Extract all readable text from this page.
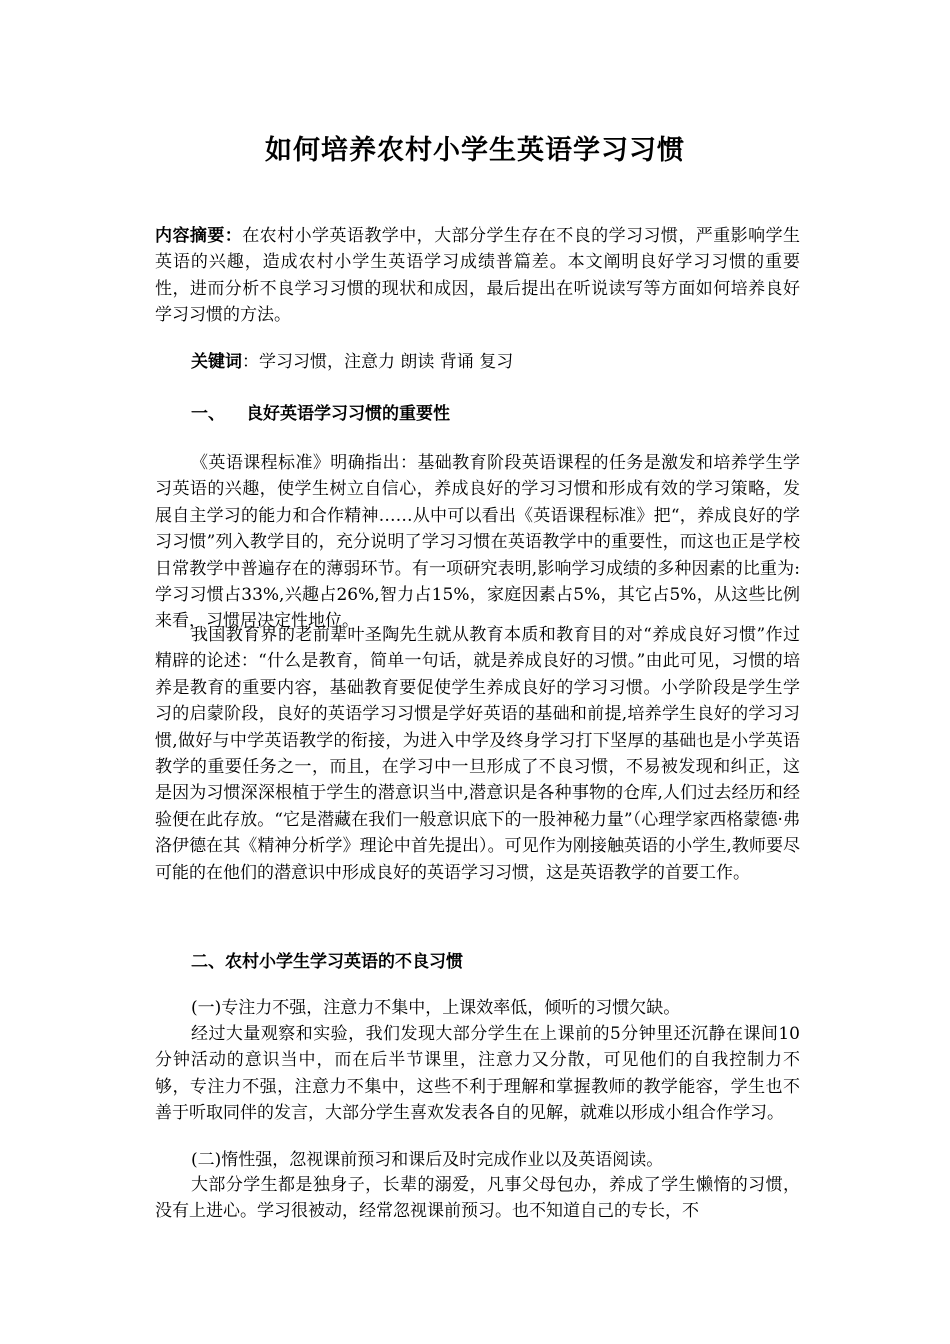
如何培养农村小学生英语学习习惯
内容摘要：在农村小学英语教学中，大部分学生存在不良的学习习惯，严重影响学生英语的兴趣，造成农村小学生英语学习成绩普篇差。本文阐明良好学习习惯的重要性，进而分析不良学习习惯的现状和成因，最后提出在听说读写等方面如何培养良好学习习惯的方法。
关键词：学习习惯，注意力 朗读 背诵 复习
一、 良好英语学习习惯的重要性
《英语课程标准》明确指出：基础教育阶段英语课程的任务是激发和培养学生学习英语的兴趣，使学生树立自信心，养成良好的学习习惯和形成有效的学习策略，发展自主学习的能力和合作精神……从中可以看出《英语课程标准》把“，养成良好的学习习惯”列入教学目的，充分说明了学习习惯在英语教学中的重要性，而这也正是学校日常教学中普遍存在的薄弱环节。有一项研究表明,影响学习成绩的多种因素的比重为:学习习惯占33%,兴趣占26%,智力占15%，家庭因素占5%，其它占5%，从这些比例来看，习惯居决定性地位。
我国教育界的老前辈叶圣陶先生就从教育本质和教育目的对“养成良好习惯”作过精辟的论述：“什么是教育，简单一句话，就是养成良好的习惯。”由此可见，习惯的培养是教育的重要内容，基础教育要促使学生养成良好的学习习惯。小学阶段是学生学习的启蒙阶段，良好的英语学习习惯是学好英语的基础和前提,培养学生良好的学习习惯,做好与中学英语教学的衔接，为进入中学及终身学习打下坚厚的基础也是小学英语教学的重要任务之一，而且，在学习中一旦形成了不良习惯，不易被发现和纠正，这是因为习惯深深根植于学生的潜意识当中,潜意识是各种事物的仓库,人们过去经历和经验便在此存放。“它是潜藏在我们一般意识底下的一股神秘力量”（心理学家西格蒙德·弗洛伊德在其《精神分析学》理论中首先提出）。可见作为刚接触英语的小学生,教师要尽可能的在他们的潜意识中形成良好的英语学习习惯，这是英语教学的首要工作。
二、农村小学生学习英语的不良习惯
(一)专注力不强，注意力不集中，上课效率低，倾听的习惯欠缺。
经过大量观察和实验，我们发现大部分学生在上课前的5分钟里还沉静在课间10分钟活动的意识当中，而在后半节课里，注意力又分散，可见他们的自我控制力不够，专注力不强，注意力不集中，这些不利于理解和掌握教师的教学能容，学生也不善于听取同伴的发言，大部分学生喜欢发表各自的见解，就难以形成小组合作学习。
(二)惰性强，忽视课前预习和课后及时完成作业以及英语阅读。
大部分学生都是独身子，长辈的溺爱，凡事父母包办，养成了学生懒惰的习惯，没有上进心。学习很被动，经常忽视课前预习。也不知道自己的专长，不
